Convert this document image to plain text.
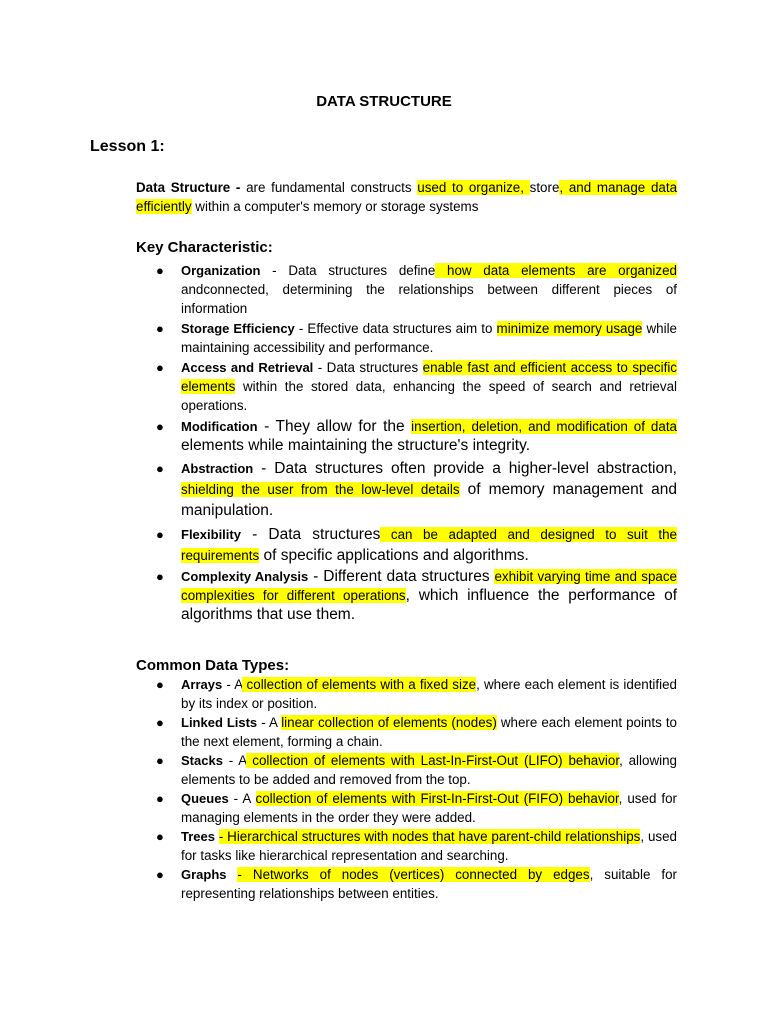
DATA STRUCTURE
Lesson 1:
Data Structure - are fundamental constructs used to organize, store, and manage data efficiently within a computer's memory or storage systems
Key Characteristic:
● Organization - Data structures define how data elements are organized andconnected, determining the relationships between different pieces of information
● Storage Efficiency - Effective data structures aim to minimize memory usage while maintaining accessibility and performance.
● Access and Retrieval - Data structures enable fast and efficient access to specific elements within the stored data, enhancing the speed of search and retrieval operations.
● Modification - They allow for the insertion, deletion, and modification of data elements while maintaining the structure's integrity.
● Abstraction - Data structures often provide a higher-level abstraction, shielding the user from the low-level details of memory management and manipulation.
● Flexibility - Data structures can be adapted and designed to suit the requirements of specific applications and algorithms.
● Complexity Analysis - Different data structures exhibit varying time and space complexities for different operations, which influence the performance of algorithms that use them.
Common Data Types:
● Arrays - A collection of elements with a fixed size, where each element is identified by its index or position.
● Linked Lists - A linear collection of elements (nodes) where each element points to the next element, forming a chain.
● Stacks - A collection of elements with Last-In-First-Out (LIFO) behavior, allowing elements to be added and removed from the top.
● Queues - A collection of elements with First-In-First-Out (FIFO) behavior, used for managing elements in the order they were added.
● Trees - Hierarchical structures with nodes that have parent-child relationships, used for tasks like hierarchical representation and searching.
● Graphs - Networks of nodes (vertices) connected by edges, suitable for representing relationships between entities.
